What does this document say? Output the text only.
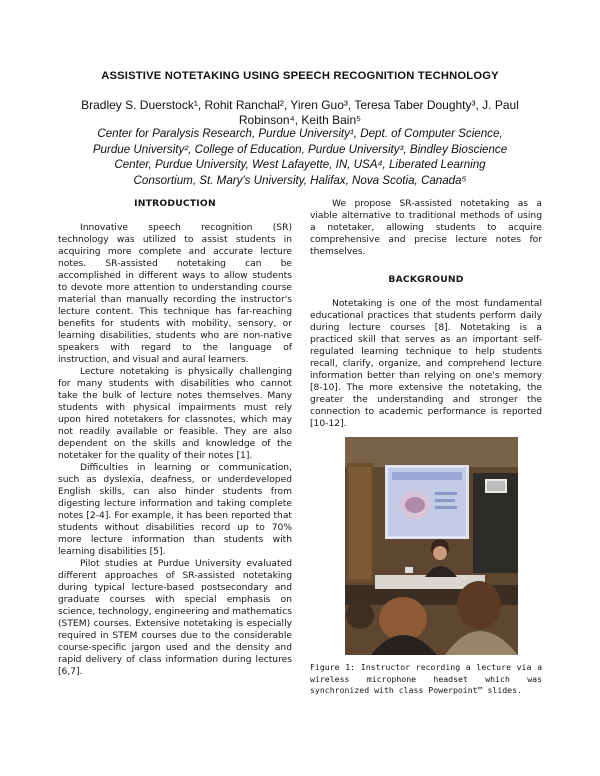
ASSISTIVE NOTETAKING USING SPEECH RECOGNITION TECHNOLOGY
Bradley S. Duerstock¹, Rohit Ranchal², Yiren Guo³, Teresa Taber Doughty³, J. Paul
Robinson⁴, Keith Bain⁵
Center for Paralysis Research, Purdue University¹, Dept. of Computer Science,
Purdue University², College of Education, Purdue University³, Bindley Bioscience
Center, Purdue University, West Lafayette, IN, USA⁴, Liberated Learning
Consortium, St. Mary's University, Halifax, Nova Scotia, Canada⁵
INTRODUCTION

Innovative speech recognition (SR) technology was utilized to assist students in acquiring more complete and accurate lecture notes. SR-assisted notetaking can be accomplished in different ways to allow students to devote more attention to understanding course material than manually recording the instructor's lecture content. This technique has far-reaching benefits for students with mobility, sensory, or learning disabilities, students who are non-native speakers with regard to the language of instruction, and visual and aural learners.

Lecture notetaking is physically challenging for many students with disabilities who cannot take the bulk of lecture notes themselves. Many students with physical impairments must rely upon hired notetakers for classnotes, which may not readily available or feasible. They are also dependent on the skills and knowledge of the notetaker for the quality of their notes [1].

Difficulties in learning or communication, such as dyslexia, deafness, or underdeveloped English skills, can also hinder students from digesting lecture information and taking complete notes [2-4]. For example, it has been reported that students without disabilities record up to 70% more lecture information than students with learning disabilities [5].

Pilot studies at Purdue University evaluated different approaches of SR-assisted notetaking during typical lecture-based postsecondary and graduate courses with special emphasis on science, technology, engineering and mathematics (STEM) courses. Extensive notetaking is especially required in STEM courses due to the considerable course-specific jargon used and the density and rapid delivery of class information during lectures [6,7].

We propose SR-assisted notetaking as a viable alternative to traditional methods of using a notetaker, allowing students to acquire comprehensive and precise lecture notes for themselves.

BACKGROUND

Notetaking is one of the most fundamental educational practices that students perform daily during lecture courses [8]. Notetaking is a practiced skill that serves as an important self-regulated learning technique to help students recall, clarify, organize, and comprehend lecture information better than relying on one's memory [8-10]. The more extensive the notetaking, the greater the understanding and stronger the connection to academic performance is reported [10-12].

Figure 1: Instructor recording a lecture via a wireless microphone headset which was synchronized with class Powerpoint™ slides.
